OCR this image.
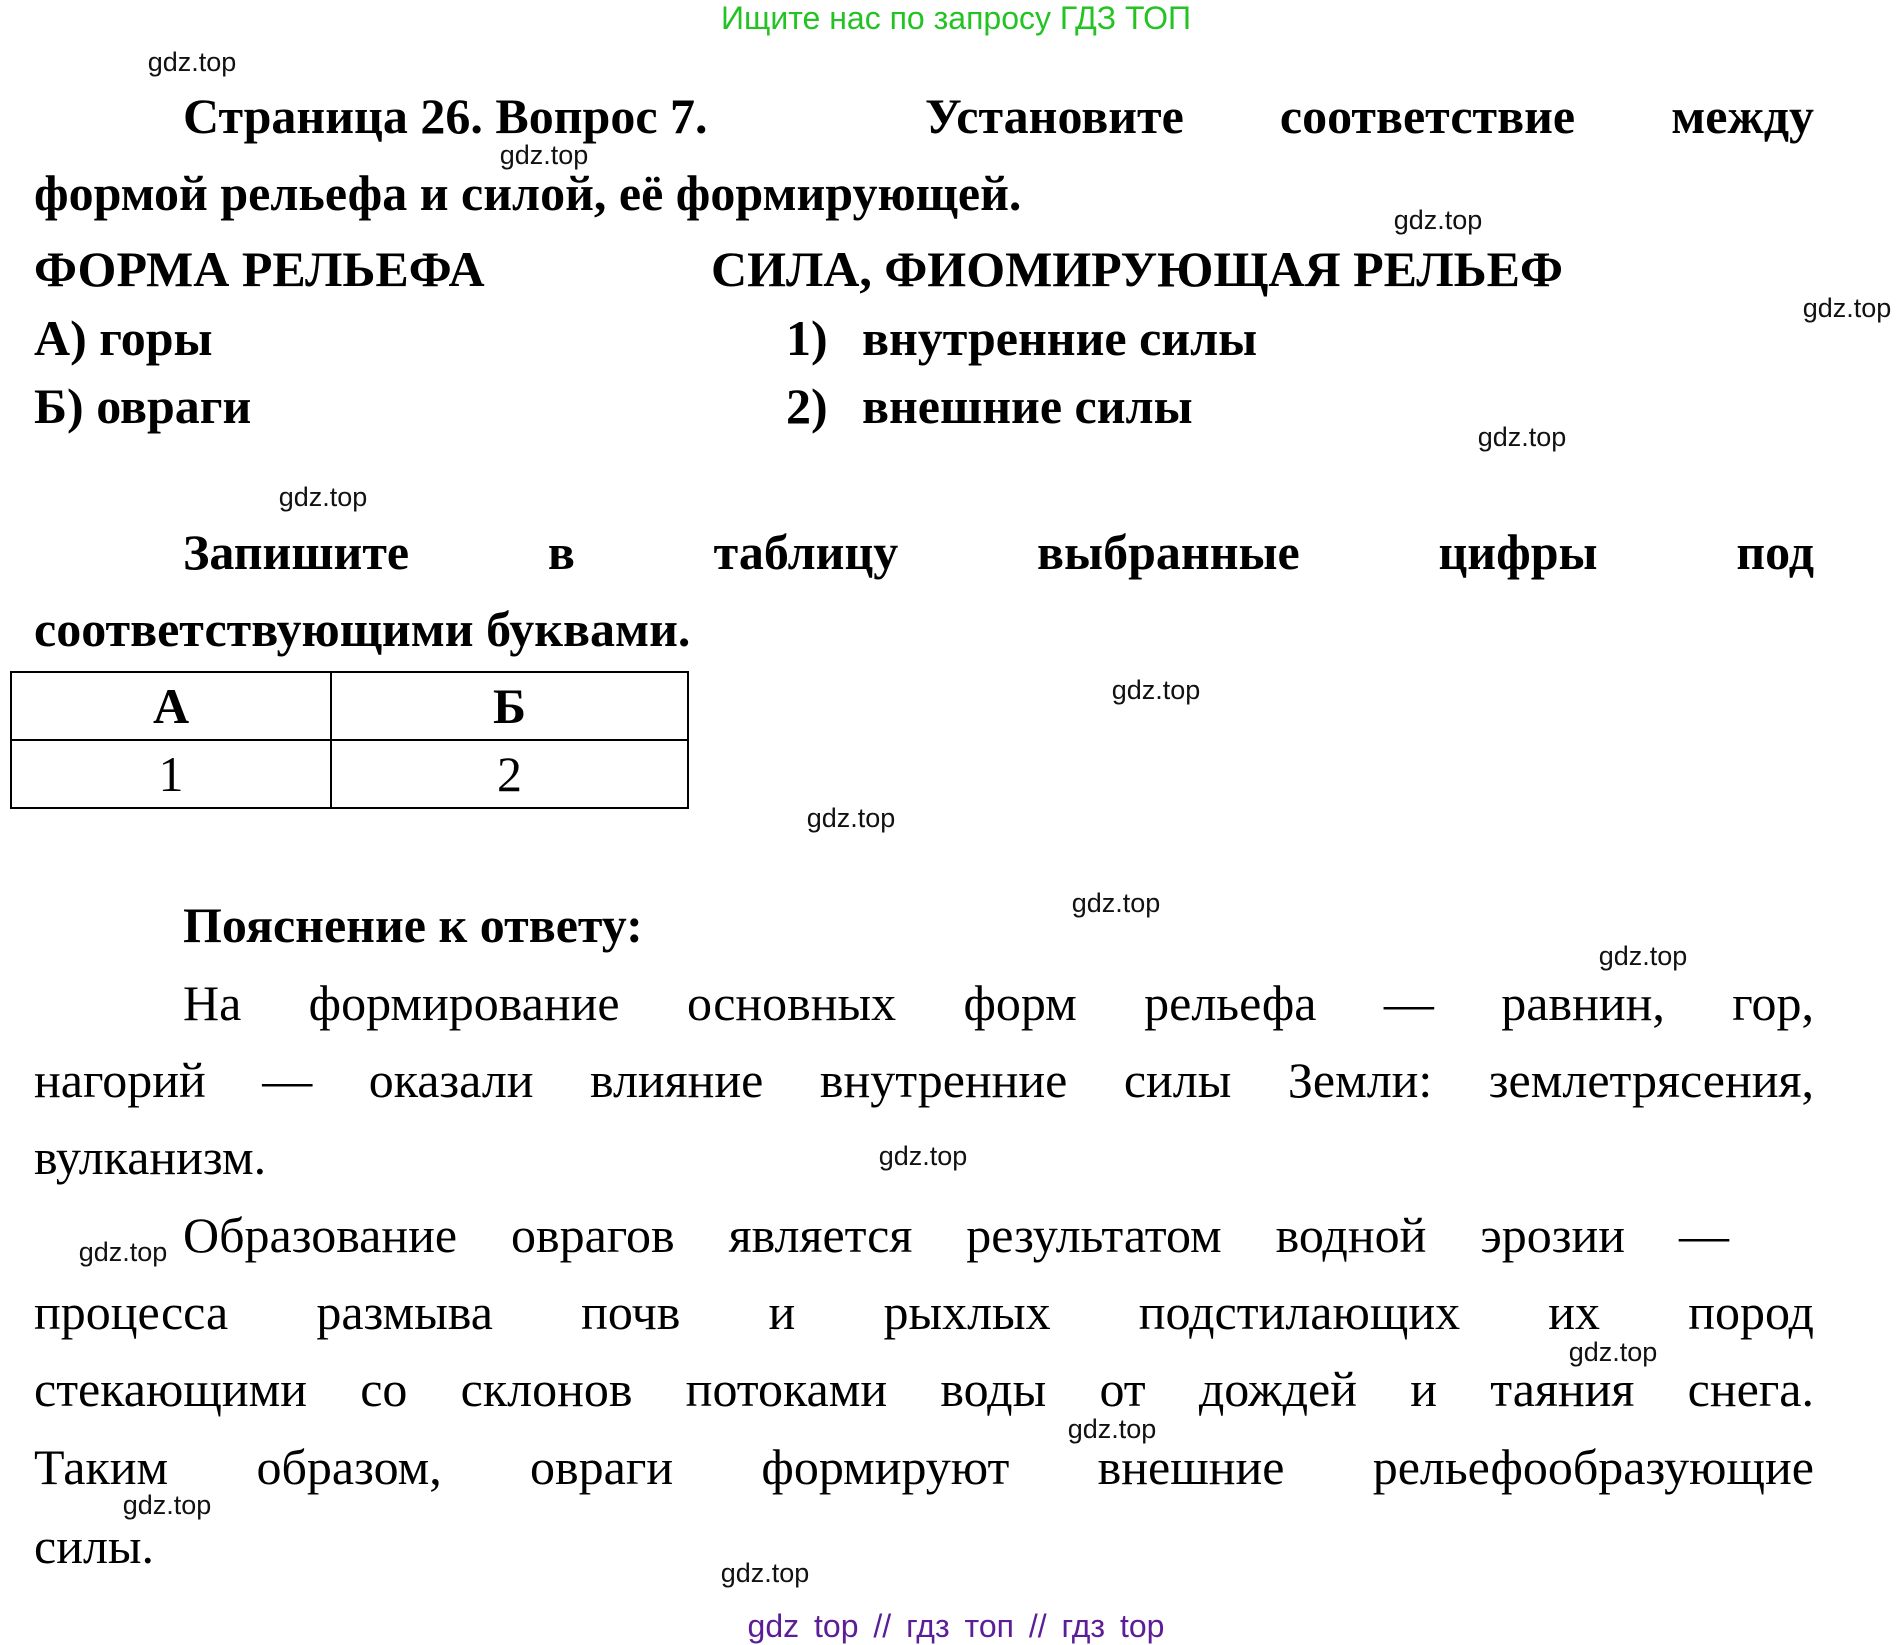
Ищите нас по запросу ГДЗ ТОП
Страница 26. Вопрос 7.	Установите соответствие между
формой рельефа и силой, её формирующей.
ФОРМА РЕЛЬЕФА	СИЛА, ФИОМИРУЮЩАЯ РЕЛЬЕФ
А) горы
Б) овраги
1) внутренние силы
2) внешние силы
Запишите в таблицу выбранные цифры под
соответствующими буквами.
А	Б
1	2
Пояснение к ответу:
На формирование основных форм рельефа — равнин, гор,
нагорий — оказали влияние внутренние силы Земли: землетрясения,
вулканизм.
Образование оврагов является результатом водной эрозии —
процесса размыва почв и рыхлых подстилающих их пород
стекающими со склонов потоками воды от дождей и таяния снега.
Таким образом, овраги формируют внешние рельефообразующие
силы.
gdz.top
gdz.top
gdz.top
gdz.top
gdz.top
gdz.top
gdz.top
gdz.top
gdz.top
gdz.top
gdz.top
gdz.top
gdz.top
gdz.top
gdz.top
gdz.top
gdz top // гдз топ // гдз top
